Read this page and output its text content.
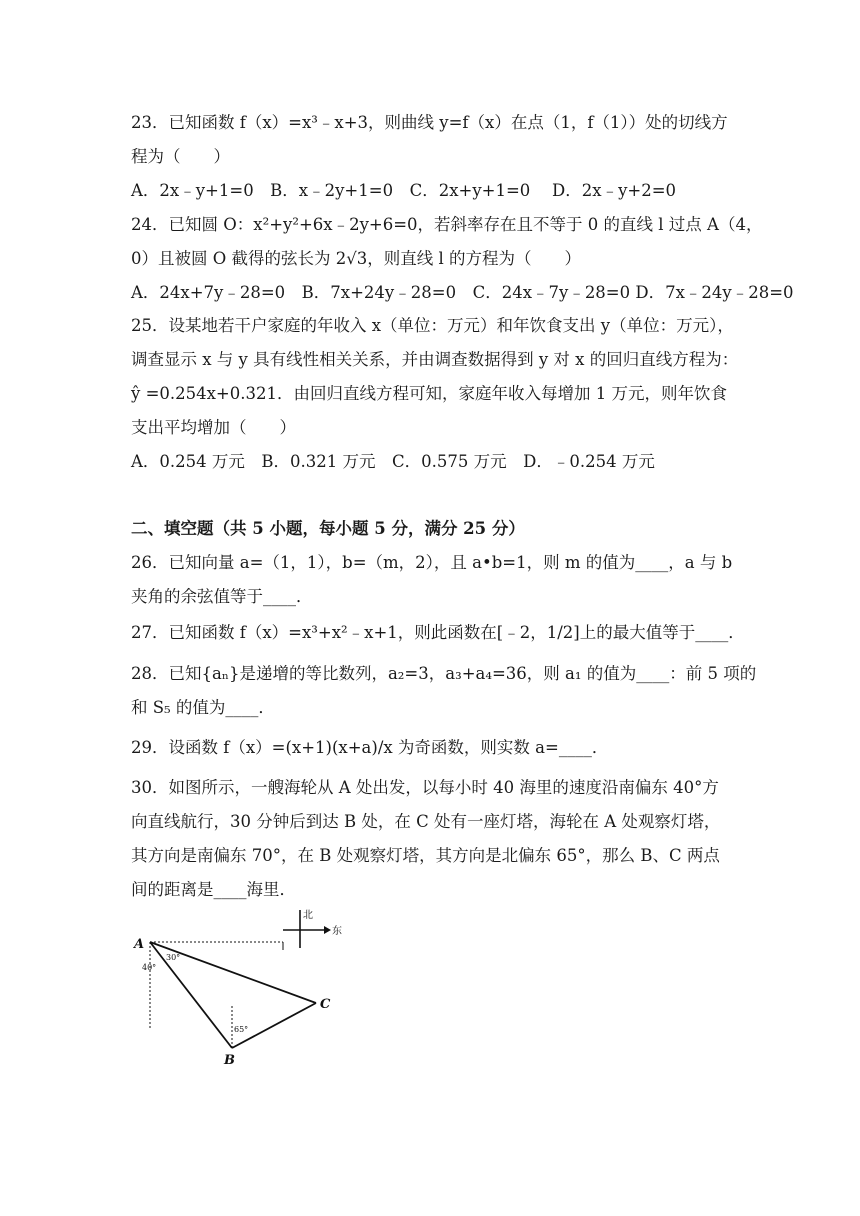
23．已知函数 f（x）=x³﹣x+3，则曲线 y=f（x）在点（1，f（1））处的切线方
程为（　　）
A．2x﹣y+1=0　B．x﹣2y+1=0　C．2x+y+1=0　 D．2x﹣y+2=0
24．已知圆 O：x²+y²+6x﹣2y+6=0，若斜率存在且不等于 0 的直线 l 过点 A（4，
0）且被圆 O 截得的弦长为 2√3，则直线 l 的方程为（　　）
A．24x+7y﹣28=0　B．7x+24y﹣28=0　C．24x﹣7y﹣28=0 D．7x﹣24y﹣28=0
25．设某地若干户家庭的年收入 x（单位：万元）和年饮食支出 y（单位：万元），
调查显示 x 与 y 具有线性相关关系，并由调查数据得到 y 对 x 的回归直线方程为：
ŷ =0.254x+0.321．由回归直线方程可知，家庭年收入每增加 1 万元，则年饮食
支出平均增加（　　）
A．0.254 万元　B．0.321 万元　C．0.575 万元　D．﹣0.254 万元
二、填空题（共 5 小题，每小题 5 分，满分 25 分）
26．已知向量 a=（1，1），b=（m，2），且 a•b=1，则 m 的值为____，a 与 b
夹角的余弦值等于____．
27．已知函数 f（x）=x³+x²﹣x+1，则此函数在[﹣2，1/2]上的最大值等于____．
28．已知{aₙ}是递增的等比数列，a₂=3，a₃+a₄=36，则 a₁ 的值为____：前 5 项的
和 S₅ 的值为____．
29．设函数 f（x）=(x+1)(x+a)/x 为奇函数，则实数 a=____．
30．如图所示，一艘海轮从 A 处出发，以每小时 40 海里的速度沿南偏东 40°方
向直线航行，30 分钟后到达 B 处，在 C 处有一座灯塔，海轮在 A 处观察灯塔，
其方向是南偏东 70°，在 B 处观察灯塔，其方向是北偏东 65°，那么 B、C 两点
间的距离是____海里．
北
东
A
B
C
40°
30°
65°
